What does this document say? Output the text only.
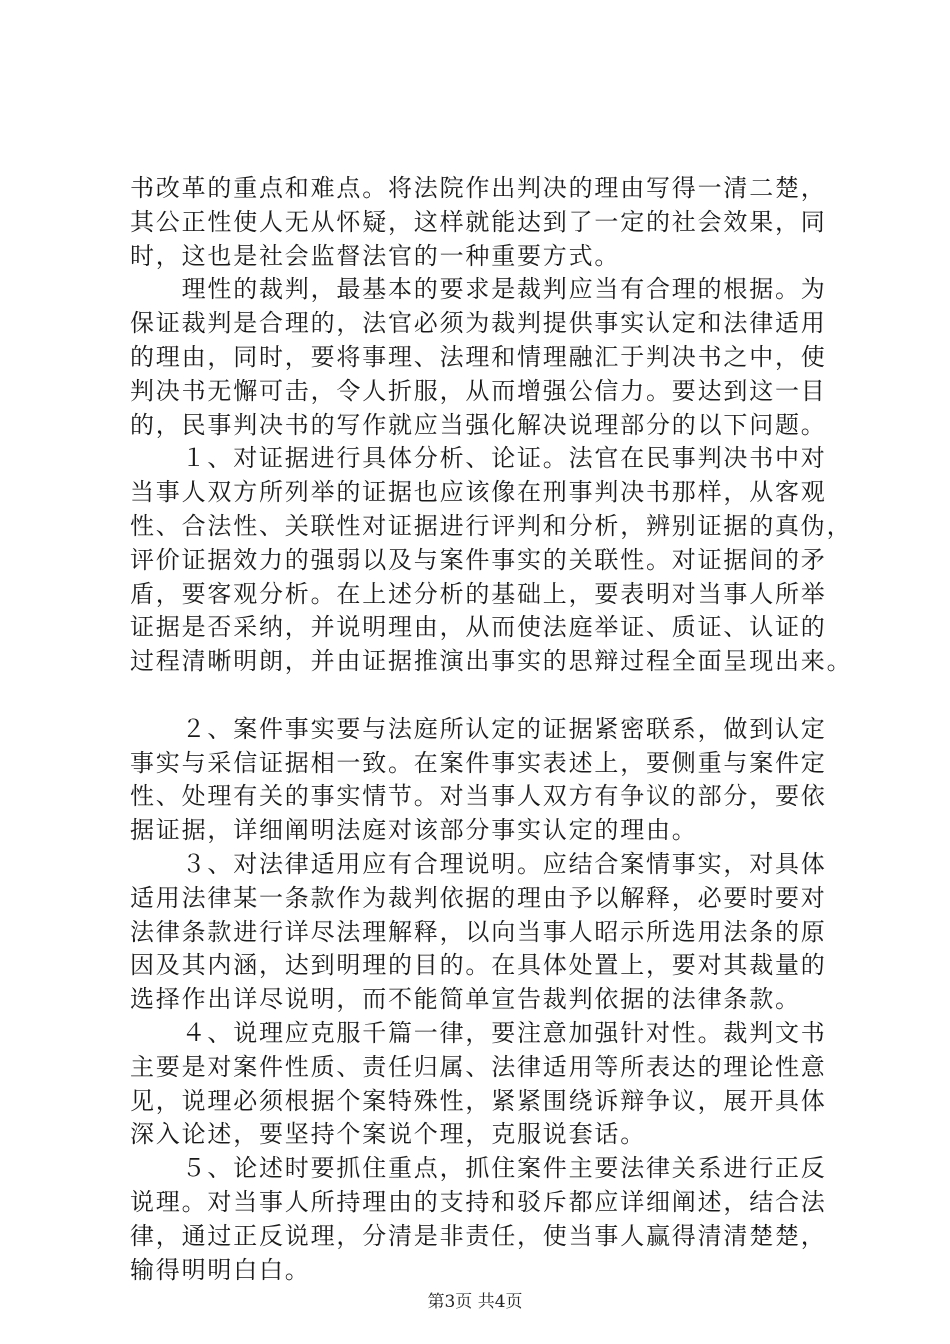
书改革的重点和难点。将法院作出判决的理由写得一清二楚，
其公正性使人无从怀疑，这样就能达到了一定的社会效果，同
时，这也是社会监督法官的一种重要方式。
　　理性的裁判，最基本的要求是裁判应当有合理的根据。为
保证裁判是合理的，法官必须为裁判提供事实认定和法律适用
的理由，同时，要将事理、法理和情理融汇于判决书之中，使
判决书无懈可击，令人折服，从而增强公信力。要达到这一目
的，民事判决书的写作就应当强化解决说理部分的以下问题。
　　１、对证据进行具体分析、论证。法官在民事判决书中对
当事人双方所列举的证据也应该像在刑事判决书那样，从客观
性、合法性、关联性对证据进行评判和分析，辨别证据的真伪，
评价证据效力的强弱以及与案件事实的关联性。对证据间的矛
盾，要客观分析。在上述分析的基础上，要表明对当事人所举
证据是否采纳，并说明理由，从而使法庭举证、质证、认证的
过程清晰明朗，并由证据推演出事实的思辩过程全面呈现出来。
　　２、案件事实要与法庭所认定的证据紧密联系，做到认定
事实与采信证据相一致。在案件事实表述上，要侧重与案件定
性、处理有关的事实情节。对当事人双方有争议的部分，要依
据证据，详细阐明法庭对该部分事实认定的理由。
　　３、对法律适用应有合理说明。应结合案情事实，对具体
适用法律某一条款作为裁判依据的理由予以解释，必要时要对
法律条款进行详尽法理解释，以向当事人昭示所选用法条的原
因及其内涵，达到明理的目的。在具体处置上，要对其裁量的
选择作出详尽说明，而不能简单宣告裁判依据的法律条款。
　　４、说理应克服千篇一律，要注意加强针对性。裁判文书
主要是对案件性质、责任归属、法律适用等所表达的理论性意
见，说理必须根据个案特殊性，紧紧围绕诉辩争议，展开具体
深入论述，要坚持个案说个理，克服说套话。
　　５、论述时要抓住重点，抓住案件主要法律关系进行正反
说理。对当事人所持理由的支持和驳斥都应详细阐述，结合法
律，通过正反说理，分清是非责任，使当事人赢得清清楚楚，
输得明明白白。
第3页 共4页
